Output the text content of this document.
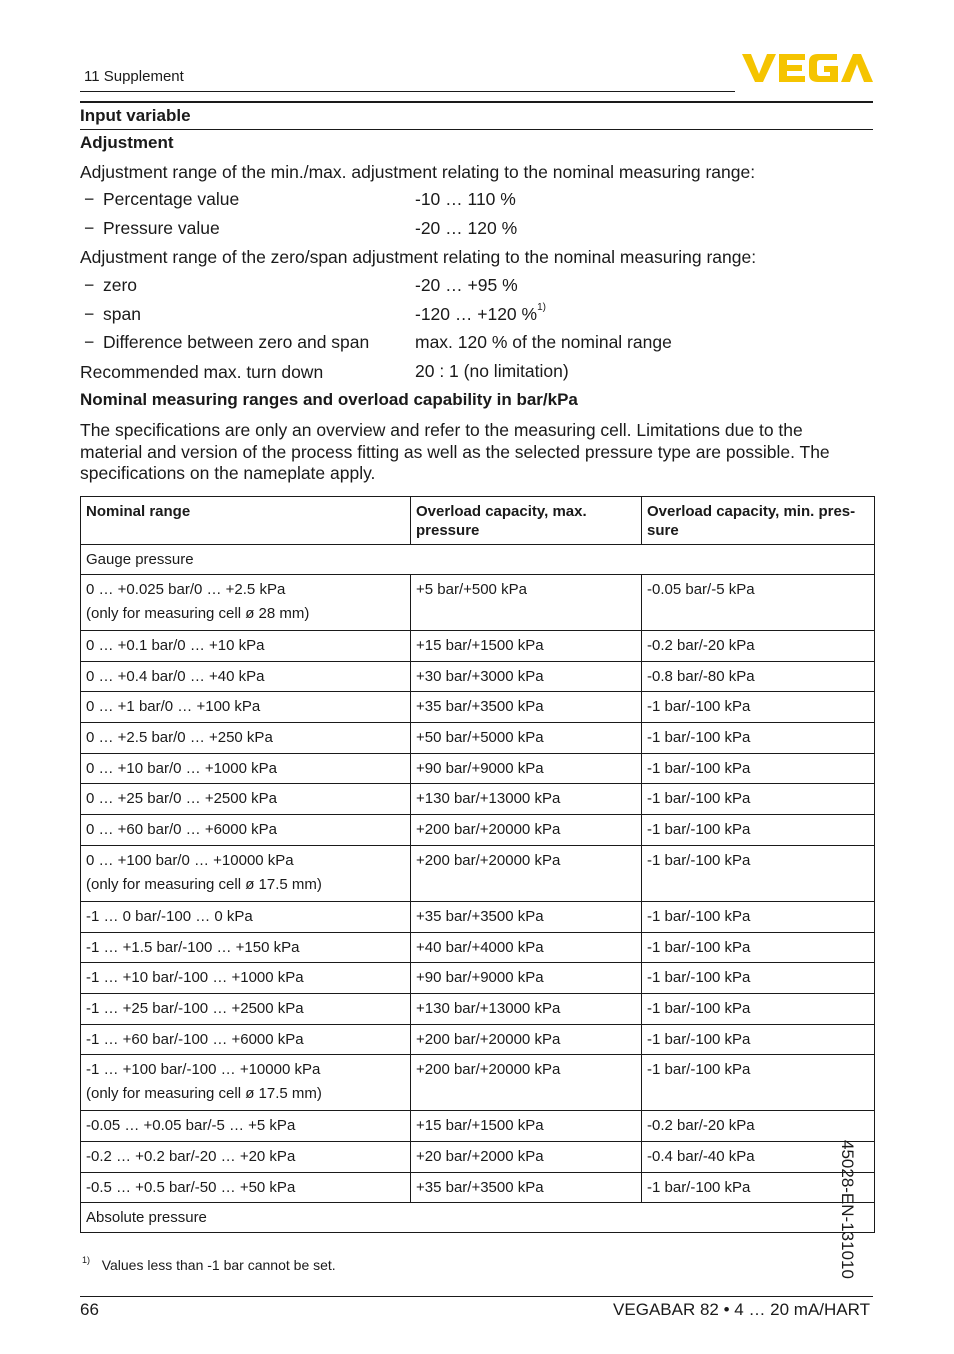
11 Supplement
Input variable
Adjustment
Adjustment range of the min./max. adjustment relating to the nominal measuring range:
− Percentage value	-10 … 110 %
− Pressure value	-20 … 120 %
Adjustment range of the zero/span adjustment relating to the nominal measuring range:
− zero	-20 … +95 %
− span	-120 … +120 %$^{1)}$
− Difference between zero and span	max. 120 % of the nominal range
Recommended max. turn down	20 : 1 (no limitation)
Nominal measuring ranges and overload capability in bar/kPa
The specifications are only an overview and refer to the measuring cell. Limitations due to the material and version of the process fitting as well as the selected pressure type are possible. The specifications on the nameplate apply.
Nominal range	Overload capacity, max. pressure	Overload capacity, min. pressure
Gauge pressure		
0 … +0.025 bar/0 … +2.5 kPa
(only for measuring cell ø 28 mm)	+5 bar/+500 kPa	-0.05 bar/-5 kPa
0 … +0.1 bar/0 … +10 kPa	+15 bar/+1500 kPa	-0.2 bar/-20 kPa
0 … +0.4 bar/0 … +40 kPa	+30 bar/+3000 kPa	-0.8 bar/-80 kPa
0 … +1 bar/0 … +100 kPa	+35 bar/+3500 kPa	-1 bar/-100 kPa
0 … +2.5 bar/0 … +250 kPa	+50 bar/+5000 kPa	-1 bar/-100 kPa
0 … +10 bar/0 … +1000 kPa	+90 bar/+9000 kPa	-1 bar/-100 kPa
0 … +25 bar/0 … +2500 kPa	+130 bar/+13000 kPa	-1 bar/-100 kPa
0 … +60 bar/0 … +6000 kPa	+200 bar/+20000 kPa	-1 bar/-100 kPa
0 … +100 bar/0 … +10000 kPa
(only for measuring cell ø 17.5 mm)	+200 bar/+20000 kPa	-1 bar/-100 kPa
-1 … 0 bar/-100 … 0 kPa	+35 bar/+3500 kPa	-1 bar/-100 kPa
-1 … +1.5 bar/-100 … +150 kPa	+40 bar/+4000 kPa	-1 bar/-100 kPa
-1 … +10 bar/-100 … +1000 kPa	+90 bar/+9000 kPa	-1 bar/-100 kPa
-1 … +25 bar/-100 … +2500 kPa	+130 bar/+13000 kPa	-1 bar/-100 kPa
-1 … +60 bar/-100 … +6000 kPa	+200 bar/+20000 kPa	-1 bar/-100 kPa
-1 … +100 bar/-100 … +10000 kPa
(only for measuring cell ø 17.5 mm)	+200 bar/+20000 kPa	-1 bar/-100 kPa
-0.05 … +0.05 bar/-5 … +5 kPa	+15 bar/+1500 kPa	-0.2 bar/-20 kPa
-0.2 … +0.2 bar/-20 … +20 kPa	+20 bar/+2000 kPa	-0.4 bar/-40 kPa
-0.5 … +0.5 bar/-50 … +50 kPa	+35 bar/+3500 kPa	-1 bar/-100 kPa
Absolute pressure		
$^{1)}$ Values less than -1 bar cannot be set.
66	VEGABAR 82 • 4 … 20 mA/HART
45028-EN-131010
